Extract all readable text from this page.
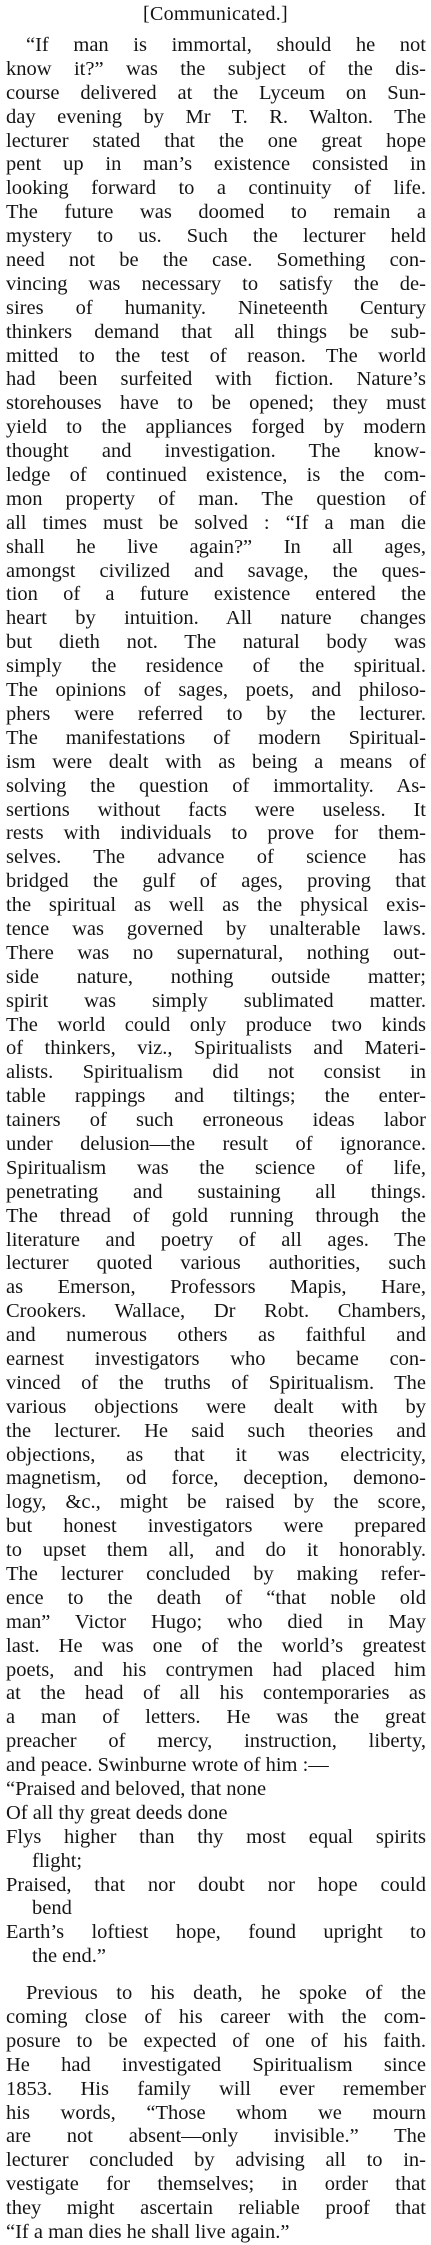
[Communicated.]
“If man is immortal, should he not
know it?” was the subject of the dis-
course delivered at the Lyceum on Sun-
day evening by Mr T. R. Walton. The
lecturer stated that the one great hope
pent up in man’s existence consisted in
looking forward to a continuity of life.
The future was doomed to remain a
mystery to us. Such the lecturer held
need not be the case. Something con-
vincing was necessary to satisfy the de-
sires of humanity. Nineteenth Century
thinkers demand that all things be sub-
mitted to the test of reason. The world
had been surfeited with fiction. Nature’s
storehouses have to be opened; they must
yield to the appliances forged by modern
thought and investigation. The know-
ledge of continued existence, is the com-
mon property of man. The question of
all times must be solved : “If a man die
shall he live again?” In all ages,
amongst civilized and savage, the ques-
tion of a future existence entered the
heart by intuition. All nature changes
but dieth not. The natural body was
simply the residence of the spiritual.
The opinions of sages, poets, and philoso-
phers were referred to by the lecturer.
The manifestations of modern Spiritual-
ism were dealt with as being a means of
solving the question of immortality. As-
sertions without facts were useless. It
rests with individuals to prove for them-
selves. The advance of science has
bridged the gulf of ages, proving that
the spiritual as well as the physical exis-
tence was governed by unalterable laws.
There was no supernatural, nothing out-
side nature, nothing outside matter;
spirit was simply sublimated matter.
The world could only produce two kinds
of thinkers, viz., Spiritualists and Materi-
alists. Spiritualism did not consist in
table rappings and tiltings; the enter-
tainers of such erroneous ideas labor
under delusion—the result of ignorance.
Spiritualism was the science of life,
penetrating and sustaining all things.
The thread of gold running through the
literature and poetry of all ages. The
lecturer quoted various authorities, such
as Emerson, Professors Mapis, Hare,
Crookers. Wallace, Dr Robt. Chambers,
and numerous others as faithful and
earnest investigators who became con-
vinced of the truths of Spiritualism. The
various objections were dealt with by
the lecturer. He said such theories and
objections, as that it was electricity,
magnetism, od force, deception, demono-
logy, &c., might be raised by the score,
but honest investigators were prepared
to upset them all, and do it honorably.
The lecturer concluded by making refer-
ence to the death of “that noble old
man” Victor Hugo; who died in May
last. He was one of the world’s greatest
poets, and his contrymen had placed him
at the head of all his contemporaries as
a man of letters. He was the great
preacher of mercy, instruction, liberty,
and peace. Swinburne wrote of him :—
“Praised and beloved, that none
Of all thy great deeds done
Flys higher than thy most equal spirits
flight;
Praised, that nor doubt nor hope could
bend
Earth’s loftiest hope, found upright to
the end.”
Previous to his death, he spoke of the
coming close of his career with the com-
posure to be expected of one of his faith.
He had investigated Spiritualism since
1853. His family will ever remember
his words, “Those whom we mourn
are not absent—only invisible.” The
lecturer concluded by advising all to in-
vestigate for themselves; in order that
they might ascertain reliable proof that
“If a man dies he shall live again.”
